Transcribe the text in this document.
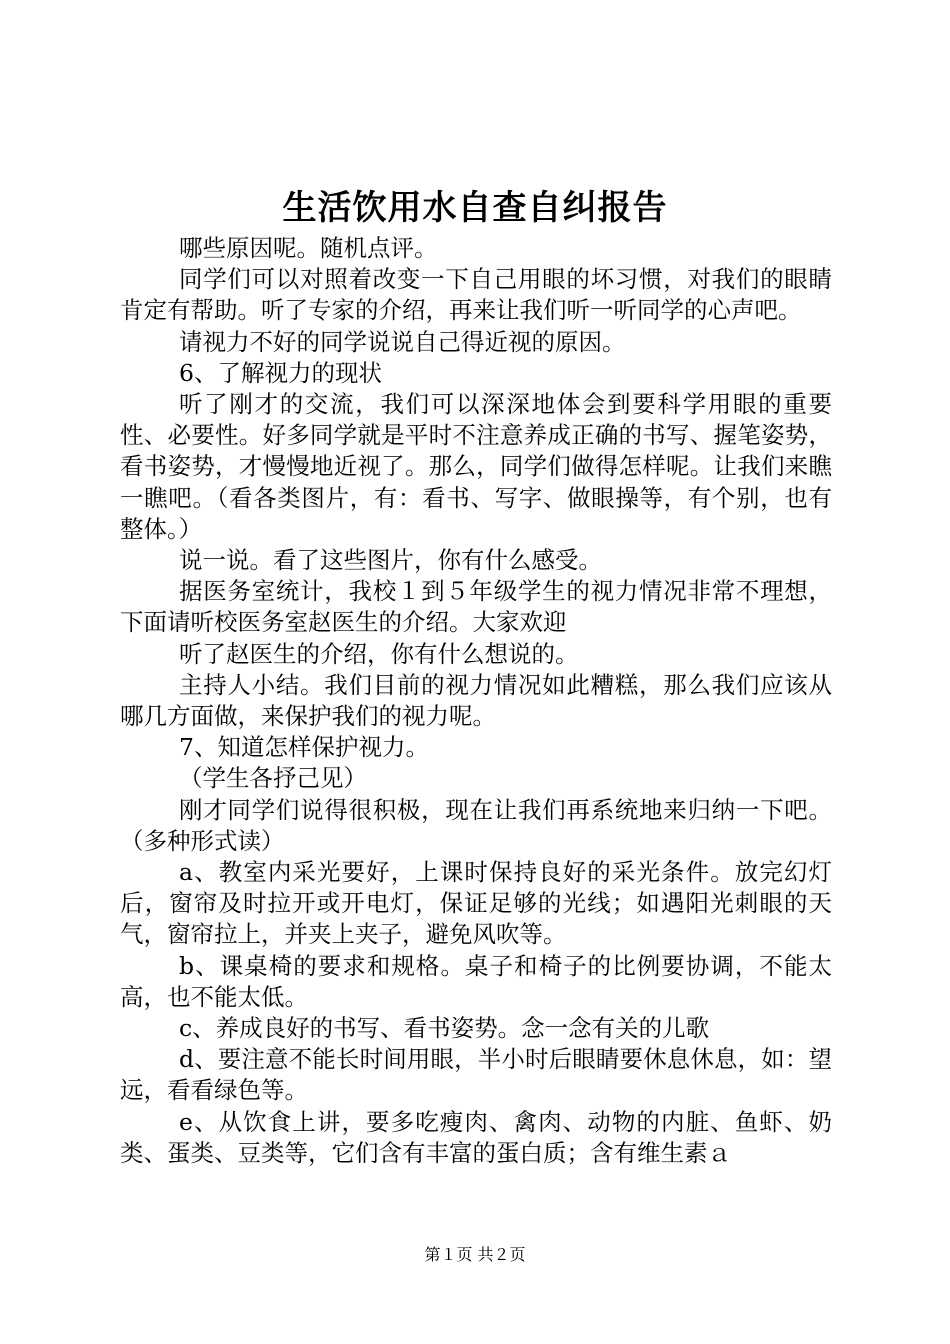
生活饮用水自查自纠报告

哪些原因呢。随机点评。

同学们可以对照着改变一下自己用眼的坏习惯，对我们的眼睛肯定有帮助。听了专家的介绍，再来让我们听一听同学的心声吧。

请视力不好的同学说说自己得近视的原因。

6、了解视力的现状

听了刚才的交流，我们可以深深地体会到要科学用眼的重要性、必要性。好多同学就是平时不注意养成正确的书写、握笔姿势，看书姿势，才慢慢地近视了。那么，同学们做得怎样呢。让我们来瞧一瞧吧。（看各类图片，有：看书、写字、做眼操等，有个别，也有整体。）

说一说。看了这些图片，你有什么感受。

据医务室统计，我校１到５年级学生的视力情况非常不理想，下面请听校医务室赵医生的介绍。大家欢迎

听了赵医生的介绍，你有什么想说的。

主持人小结。我们目前的视力情况如此糟糕，那么我们应该从哪几方面做，来保护我们的视力呢。

7、知道怎样保护视力。

（学生各抒己见）

刚才同学们说得很积极，现在让我们再系统地来归纳一下吧。（多种形式读）

a、教室内采光要好，上课时保持良好的采光条件。放完幻灯后，窗帘及时拉开或开电灯，保证足够的光线；如遇阳光刺眼的天气，窗帘拉上，并夹上夹子，避免风吹等。

b、课桌椅的要求和规格。桌子和椅子的比例要协调，不能太高，也不能太低。

c、养成良好的书写、看书姿势。念一念有关的儿歌

d、要注意不能长时间用眼，半小时后眼睛要休息休息，如：望远，看看绿色等。

e、从饮食上讲，要多吃瘦肉、禽肉、动物的内脏、鱼虾、奶类、蛋类、豆类等，它们含有丰富的蛋白质；含有维生素ａ

第１页 共２页
